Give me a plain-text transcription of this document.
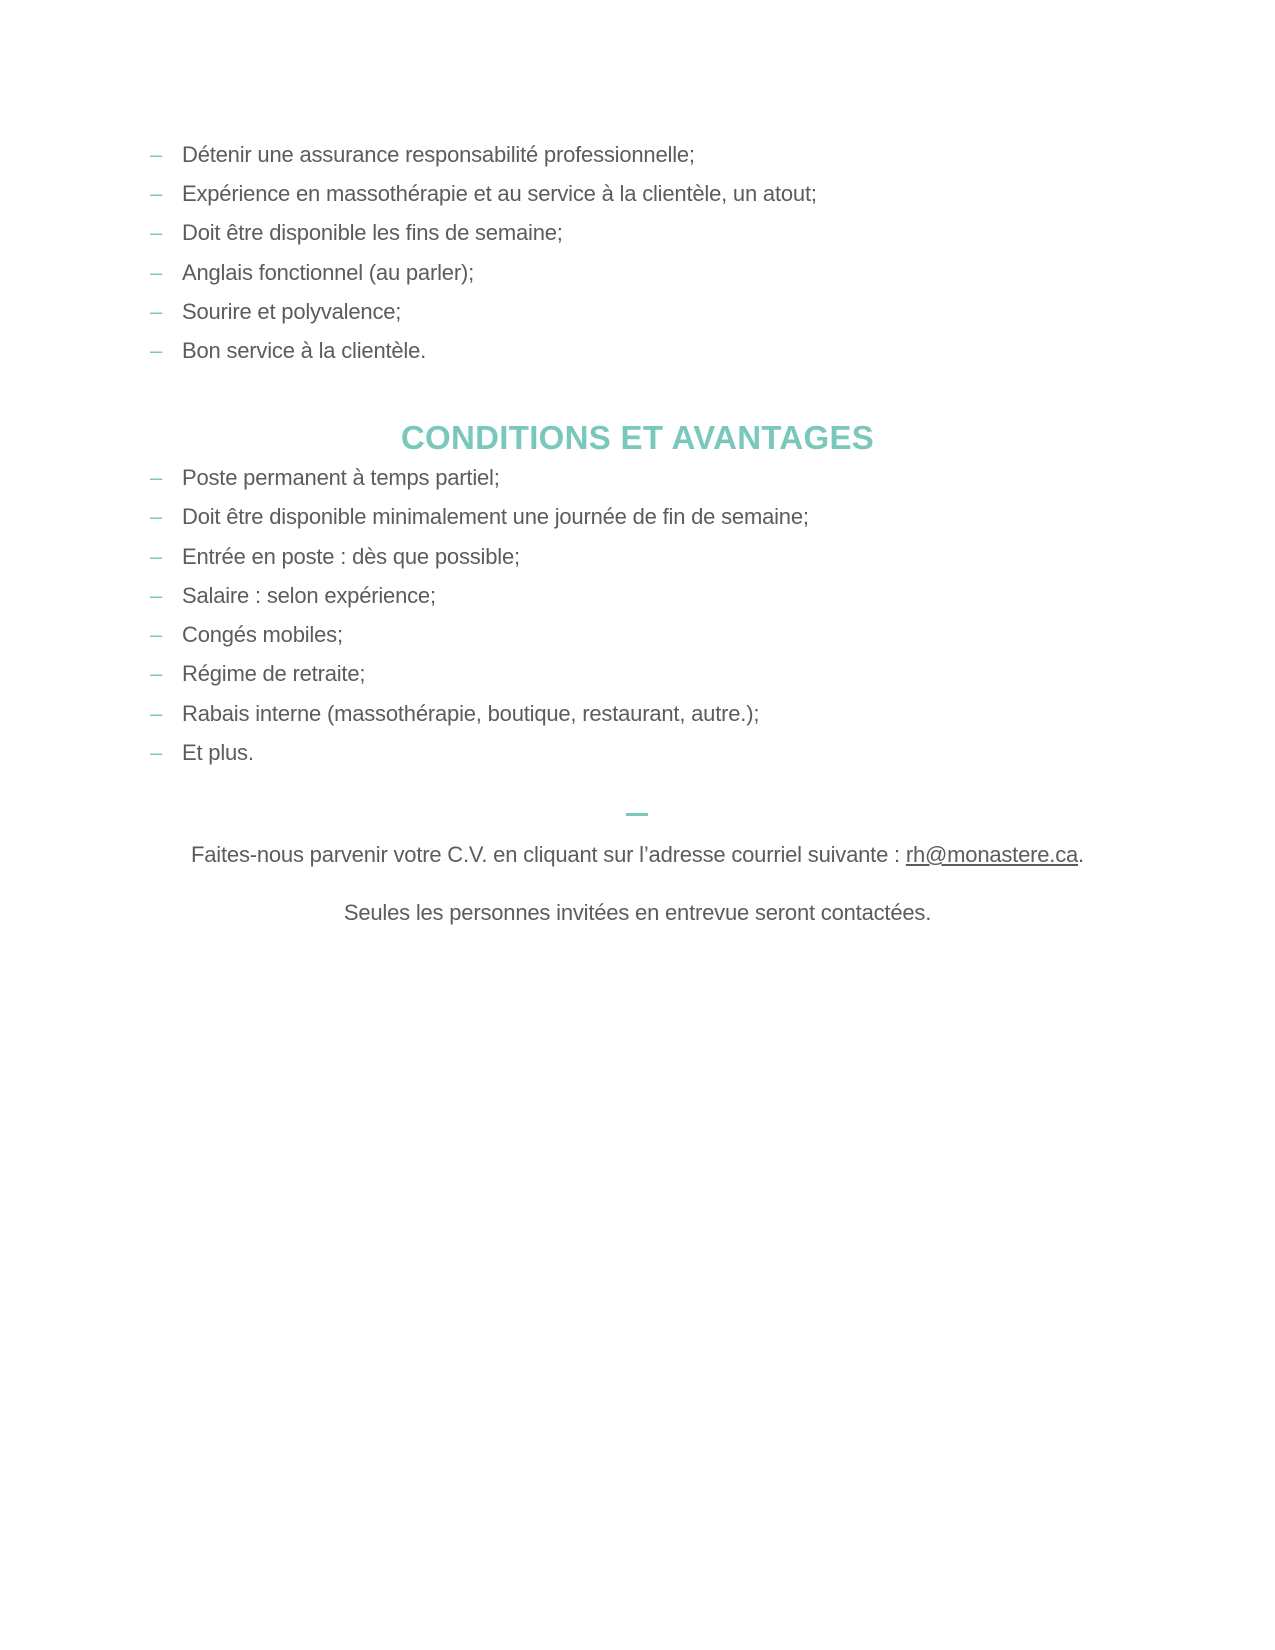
– Détenir une assurance responsabilité professionnelle;
– Expérience en massothérapie et au service à la clientèle, un atout;
– Doit être disponible les fins de semaine;
– Anglais fonctionnel (au parler);
– Sourire et polyvalence;
– Bon service à la clientèle.
CONDITIONS ET AVANTAGES
– Poste permanent à temps partiel;
– Doit être disponible minimalement une journée de fin de semaine;
– Entrée en poste : dès que possible;
– Salaire : selon expérience;
– Congés mobiles;
– Régime de retraite;
– Rabais interne (massothérapie, boutique, restaurant, autre.);
– Et plus.

Faites-nous parvenir votre C.V. en cliquant sur l’adresse courriel suivante : rh@monastere.ca.

Seules les personnes invitées en entrevue seront contactées.
